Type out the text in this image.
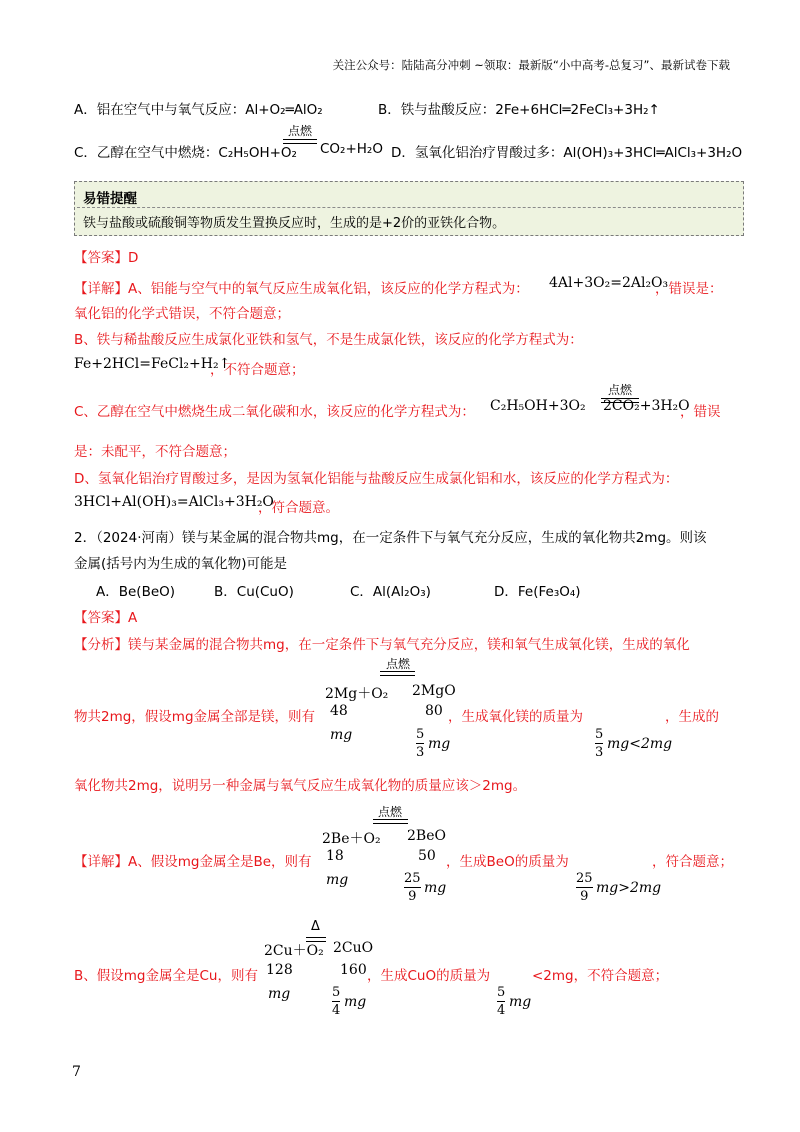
关注公众号：陆陆高分冲刺 ~领取：最新版“小中高考-总复习”、最新试卷下载
A．铝在空气中与氧气反应：Al+O₂═AlO₂	B．铁与盐酸反应：2Fe+6HCl═2FeCl₃+3H₂↑
C．乙醇在空气中燃烧：C₂H₅OH+O₂
点燃
CO₂+H₂O D．氢氧化铝治疗胃酸过多：Al(OH)₃+3HCl═AlCl₃+3H₂O
易错提醒
铁与盐酸或硫酸铜等物质发生置换反应时，生成的是+2价的亚铁化合物。
【答案】D
【详解】A、铝能与空气中的氧气反应生成氧化铝，该反应的化学方程式为： 4Al+3O₂=2Al₂O₃
，错误是：
氧化铝的化学式错误，不符合题意；
B、铁与稀盐酸反应生成氯化亚铁和氢气，不是生成氯化铁，该反应的化学方程式为：
Fe+2HCl=FeCl₂+H₂↑
，不符合题意；
C、乙醇在空气中燃烧生成二氧化碳和水，该反应的化学方程式为： C₂H₅OH+3O₂
点燃
2CO₂+3H₂O
，错误
是：未配平，不符合题意；
D、氢氧化铝治疗胃酸过多，是因为氢氧化铝能与盐酸反应生成氯化铝和水，该反应的化学方程式为：
3HCl+Al(OH)₃=AlCl₃+3H₂O
，符合题意。
2．（2024·河南）镁与某金属的混合物共mg，在一定条件下与氧气充分反应，生成的氧化物共2mg。则该
金属(括号内为生成的氧化物)可能是
A．Be(BeO)	B．Cu(CuO)	C．Al(Al₂O₃)	D．Fe(Fe₃O₄)
【答案】A
【分析】镁与某金属的混合物共mg，在一定条件下与氧气充分反应，镁和氧气生成氧化镁，生成的氧化
点燃
2Mg＋O₂ 2MgO
物共2mg，假设mg金属全部是镁，则有 48	80 ，生成氧化镁的质量为	，生成的
mg	5
3
mg
5
3
mg<2mg
氧化物共2mg，说明另一种金属与氧气反应生成氧化物的质量应该＞2mg。
点燃
2Be＋O₂ 2BeO
【详解】A、假设mg金属全是Be，则有 18	50 ，生成BeO的质量为	，符合题意；
mg	25
9
mg
25
9
mg>2mg
Δ
2Cu＋O₂ 2CuO
B、假设mg金属全是Cu，则有 128	160 ，生成CuO的质量为	<2mg，不符合题意；
mg	5
4
mg
5
4
mg
7
